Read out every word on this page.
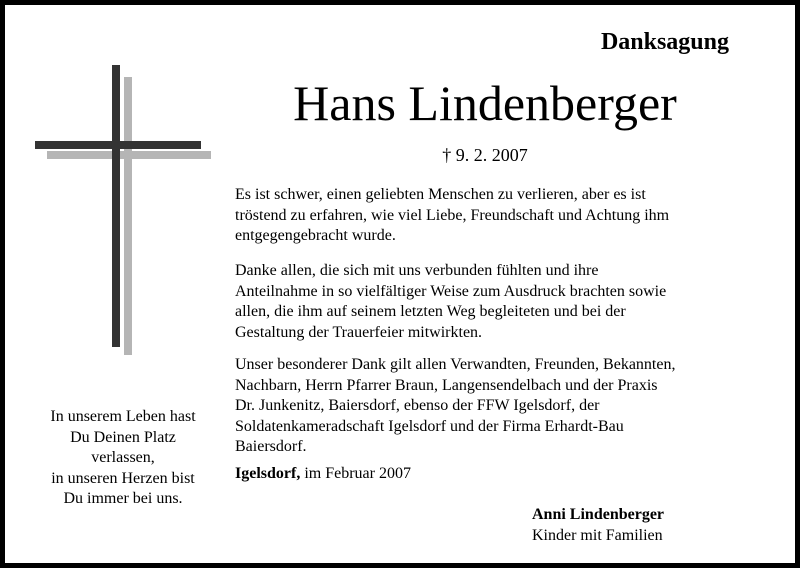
Danksagung
Hans Lindenberger
† 9. 2. 2007
Es ist schwer, einen geliebten Menschen zu verlieren, aber es ist
tröstend zu erfahren, wie viel Liebe, Freundschaft und Achtung ihm
entgegengebracht wurde.
Danke allen, die sich mit uns verbunden fühlten und ihre
Anteilnahme in so vielfältiger Weise zum Ausdruck brachten sowie
allen, die ihm auf seinem letzten Weg begleiteten und bei der
Gestaltung der Trauerfeier mitwirkten.
Unser besonderer Dank gilt allen Verwandten, Freunden, Bekannten,
Nachbarn, Herrn Pfarrer Braun, Langensendelbach und der Praxis
Dr. Junkenitz, Baiersdorf, ebenso der FFW Igelsdorf, der
Soldatenkameradschaft Igelsdorf und der Firma Erhardt-Bau
Baiersdorf.
Igelsdorf, im Februar 2007
Anni Lindenberger
Kinder mit Familien
In unserem Leben hast
Du Deinen Platz
verlassen,
in unseren Herzen bist
Du immer bei uns.
